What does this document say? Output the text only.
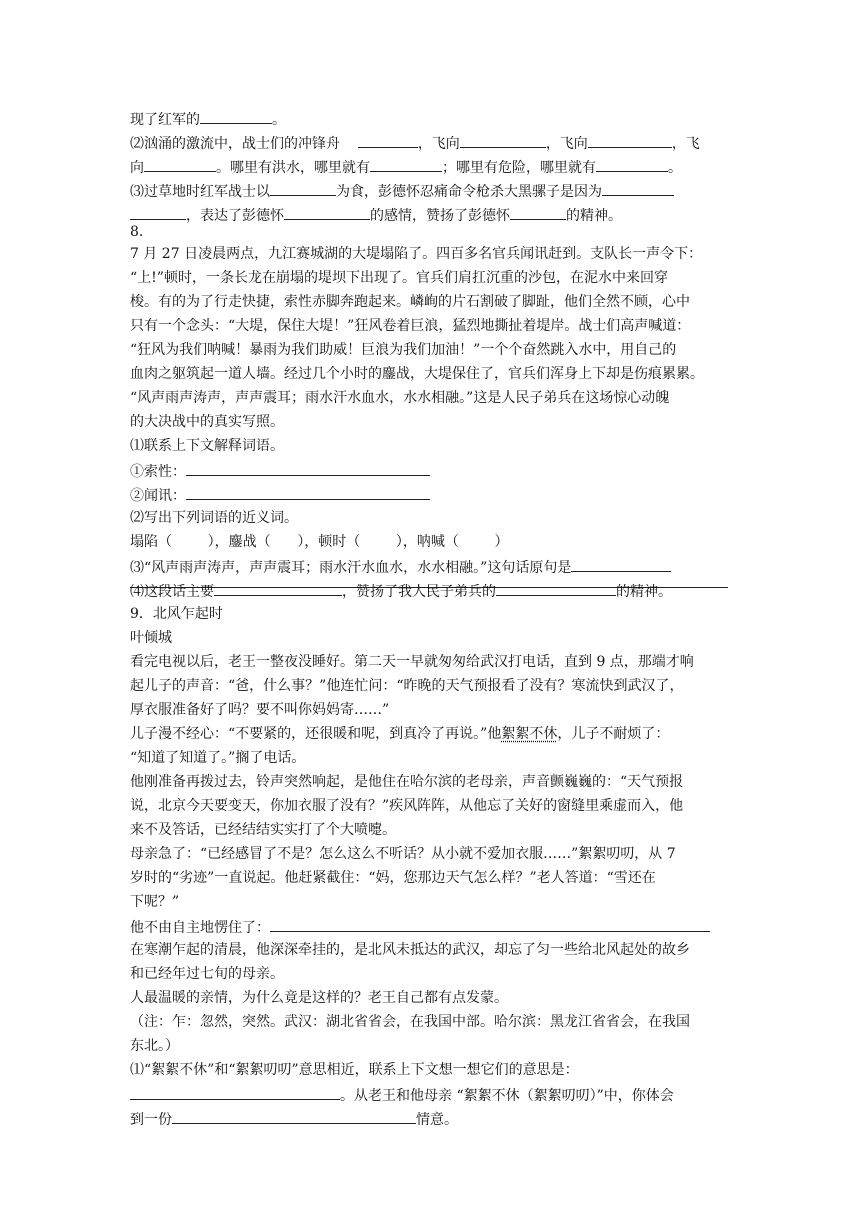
现了红军的	。
⑵汹涌的激流中，战士们的冲锋舟	，飞向	，飞向	，飞
向	。哪里有洪水，哪里就有	；哪里有危险，哪里就有	。
⑶过草地时红军战士以	为食，彭德怀忍痛命令枪杀大黑骡子是因为
，表达了彭德怀	的感情，赞扬了彭德怀	的精神。
8.
7 月 27 日凌晨两点，九江赛城湖的大堤塌陷了。四百多名官兵闻讯赶到。支队长一声令下：
“上!”顿时，一条长龙在崩塌的堤坝下出现了。官兵们肩扛沉重的沙包，在泥水中来回穿
梭。有的为了行走快捷，索性赤脚奔跑起来。嶙峋的片石割破了脚趾，他们全然不顾，心中
只有一个念头：“大堤，保住大堤！”狂风卷着巨浪，猛烈地撕扯着堤岸。战士们高声喊道：
“狂风为我们呐喊！暴雨为我们助威！巨浪为我们加油！”一个个奋然跳入水中，用自己的
血肉之躯筑起一道人墙。经过几个小时的鏖战，大堤保住了，官兵们浑身上下却是伤痕累累。
“风声雨声涛声，声声震耳；雨水汗水血水，水水相融。”这是人民子弟兵在这场惊心动魄
的大决战中的真实写照。
⑴联系上下文解释词语。
①索性：
②闻讯：
⑵写出下列词语的近义词。
塌陷（	），鏖战（ ），顿时（	），呐喊（	）
⑶“风声雨声涛声，声声震耳；雨水汗水血水，水水相融。”这句话原句是
⑷这段话主要	，赞扬了我人民子弟兵的	的精神。
9．北风乍起时
叶倾城
看完电视以后，老王一整夜没睡好。第二天一早就匆匆给武汉打电话，直到 9 点，那端才响
起儿子的声音：“爸，什么事？”他连忙问：“昨晚的天气预报看了没有？寒流快到武汉了，
厚衣服准备好了吗？要不叫你妈妈寄……”
儿子漫不经心：“不要紧的，还很暖和呢，到真冷了再说。”他絮絮不休，儿子不耐烦了：
“知道了知道了。”搁了电话。
他刚准备再拨过去，铃声突然响起，是他住在哈尔滨的老母亲，声音颤巍巍的：“天气预报
说，北京今天要变天，你加衣服了没有？”疾风阵阵，从他忘了关好的窗缝里乘虚而入，他
来不及答话，已经结结实实打了个大喷嚏。
母亲急了：“已经感冒了不是？怎么这么不听话？从小就不爱加衣服……”絮絮叨叨，从 7
岁时的“劣迹”一直说起。他赶紧截住：“妈，您那边天气怎么样？”老人答道：“雪还在
下呢？”
他不由自主地愣住了：
在寒潮乍起的清晨，他深深牵挂的，是北风未抵达的武汉，却忘了匀一些给北风起处的故乡
和已经年过七旬的母亲。
人最温暖的亲情，为什么竟是这样的？老王自己都有点发蒙。
（注：乍：忽然，突然。武汉：湖北省省会，在我国中部。哈尔滨：黑龙江省省会，在我国
东北。）
⑴“絮絮不休”和“絮絮叨叨”意思相近，联系上下文想一想它们的意思是：
。从老王和他母亲 “絮絮不休（絮絮叨叨）”中，你体会
到一份	情意。
